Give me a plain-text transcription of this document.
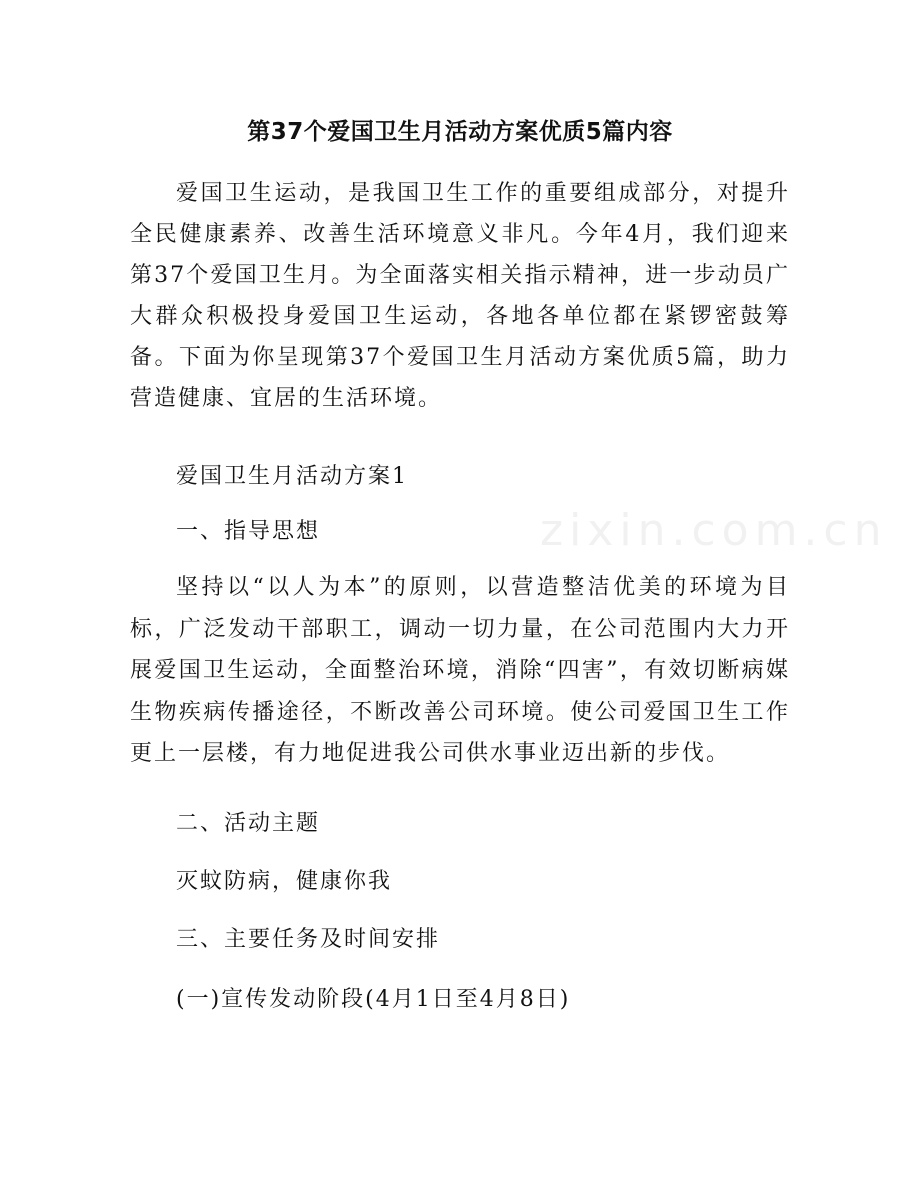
第37个爱国卫生月活动方案优质5篇内容

爱国卫生运动，是我国卫生工作的重要组成部分，对提升全民健康素养、改善生活环境意义非凡。今年4月，我们迎来第37个爱国卫生月。为全面落实相关指示精神，进一步动员广大群众积极投身爱国卫生运动，各地各单位都在紧锣密鼓筹备。下面为你呈现第37个爱国卫生月活动方案优质5篇，助力营造健康、宜居的生活环境。

爱国卫生月活动方案1

一、指导思想

坚持以“以人为本”的原则，以营造整洁优美的环境为目标，广泛发动干部职工，调动一切力量，在公司范围内大力开展爱国卫生运动，全面整治环境，消除“四害”，有效切断病媒生物疾病传播途径，不断改善公司环境。使公司爱国卫生工作更上一层楼，有力地促进我公司供水事业迈出新的步伐。

二、活动主题

灭蚊防病，健康你我

三、主要任务及时间安排

(一)宣传发动阶段(4月1日至4月8日)

zixin.com.cn
